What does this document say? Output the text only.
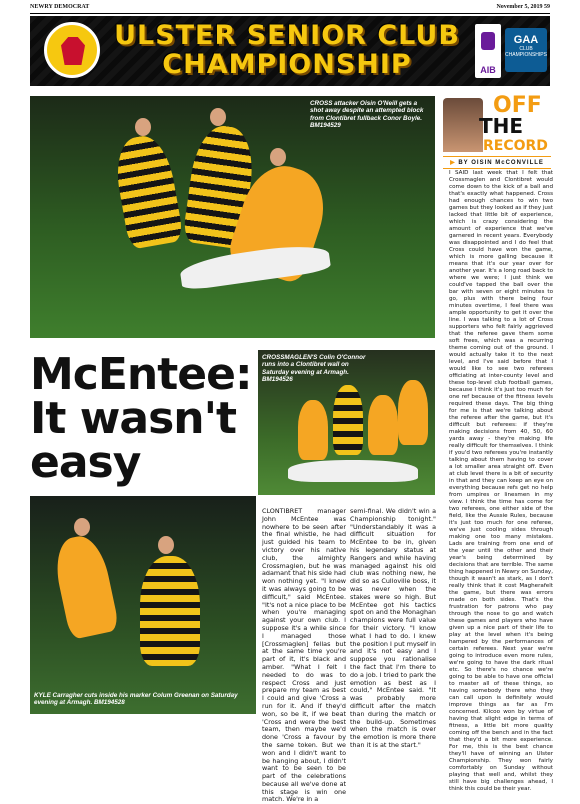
NEWRY DEMOCRAT	November 5, 2019 59
ULSTER SENIOR CLUB
CHAMPIONSHIP	AIB
GAA
CLUB CHAMPIONSHIPS
CROSS attacker Oisin O'Neill gets a shot away despite an attempted block from Clontibret fullback Conor Boyle. BM194529
McEntee: It wasn't easy
CROSSMAGLEN'S Colin O'Connor runs into a Clontibret wall on Saturday evening at Armagh. BM194526
KYLE Carragher cuts inside his marker Colum Greenan on Saturday evening at Armagh. BM194528

CLONTIBRET manager John McEntee was nowhere to be seen after the final whistle, he had just guided his team to victory over his native club, the almighty Crossmaglen, but he was adamant that his side had won nothing yet. "I knew it was always going to be difficult," said McEntee. "It's not a nice place to be when you're managing against your own club. I suppose it's a while since I managed those [Crossmaglen] fellas but at the same time you're part of it, it's black and amber. "What I felt I needed to do was to respect Cross and just prepare my team as best I could and give 'Cross a run for it. And if they'd won, so be it, if we beat 'Cross and were the best team, then maybe we'd done 'Cross a favour by the same token. But we won and I didn't want to be hanging about, I didn't want to be seen to be part of the celebrations because all we've done at this stage is win one match. We're in a

semi-final. We didn't win a Championship tonight." "Understandably it was a difficult situation for McEntee to be in, given his legendary status at Rangers and while having managed against his old club was nothing new, he did so as Culloville boss, it was never when the stakes were so high. But McEntee got his tactics spot on and the Monaghan champions were full value for their victory. "I know what I had to do. I knew the position I put myself in and it's not easy and I suppose you rationalise the fact that I'm there to do a job. I tried to park the emotion as best as I could," McEntee said. "It was probably more difficult after the match than during the match or the build-up. Sometimes when the match is over the emotion is more there than it is at the start."

OFF
THE
RECORD
▶ BY OISIN McCONVILLE
I SAID last week that I felt that Crossmaglen and Clontibret would come down to the kick of a ball and that's exactly what happened. Cross had enough chances to win two games but they looked as if they just lacked that little bit of experience, which is crazy considering the amount of experience that we've garnered in recent years. Everybody was disappointed and I do feel that Cross could have won the game, which is more galling because it means that it's our year over for another year. It's a long road back to where we were; I just think we could've tapped the ball over the bar with seven or eight minutes to go, plus with there being four minutes overtime, I feel there was ample opportunity to get it over the line. I was talking to a lot of Cross supporters who felt fairly aggrieved that the referee gave them some soft frees, which was a recurring theme coming out of the ground. I would actually take it to the next level, and I've said before that I would like to see two referees officiating at inter-county level and these top-level club football games, because I think it's just too much for one ref because of the fitness levels required these days. The big thing for me is that we're talking about the referee after the game, but it's difficult but referees: if they're making decisions from 40, 50, 60 yards away - they're making life really difficult for themselves. I think if you'd two referees you're instantly talking about them having to cover a lot smaller area straight off. Even at club level there is a bit of security in that and they can keep an eye on everything because refs get no help from umpires or linesmen in my view. I think the time has come for two referees, one either side of the field, like the Aussie Rules, because it's just too much for one referee, we've just cooling sides through making one too many mistakes. Lads are training from one end of the year until the other and their year's being determined by decisions that are terrible. The same thing happened in Newry on Sunday, though it wasn't as stark, as I don't really think that it cost Magherafelt the game, but there was errors made on both sides. That's the frustration for patrons who pay through the nose to go and watch these games and players who have given up a nice part of their life to play at the level when it's being hampered by the performances of certain referees. Next year we're going to introduce even more rules, we're going to have the dark ritual etc. So there's no chance we're going to be able to have one official to master all of these things, so having somebody there who they can call upon is definitely would improve things as far as I'm concerned. Kilcoo won by virtue of having that slight edge in terms of fitness, a little bit more quality coming off the bench and in the fact that they'd a bit more experience. For me, this is the best chance they'll have of winning an Ulster Championship. They won fairly comfortably on Sunday without playing that well and, whilst they still have big challenges ahead, I think this could be their year.
